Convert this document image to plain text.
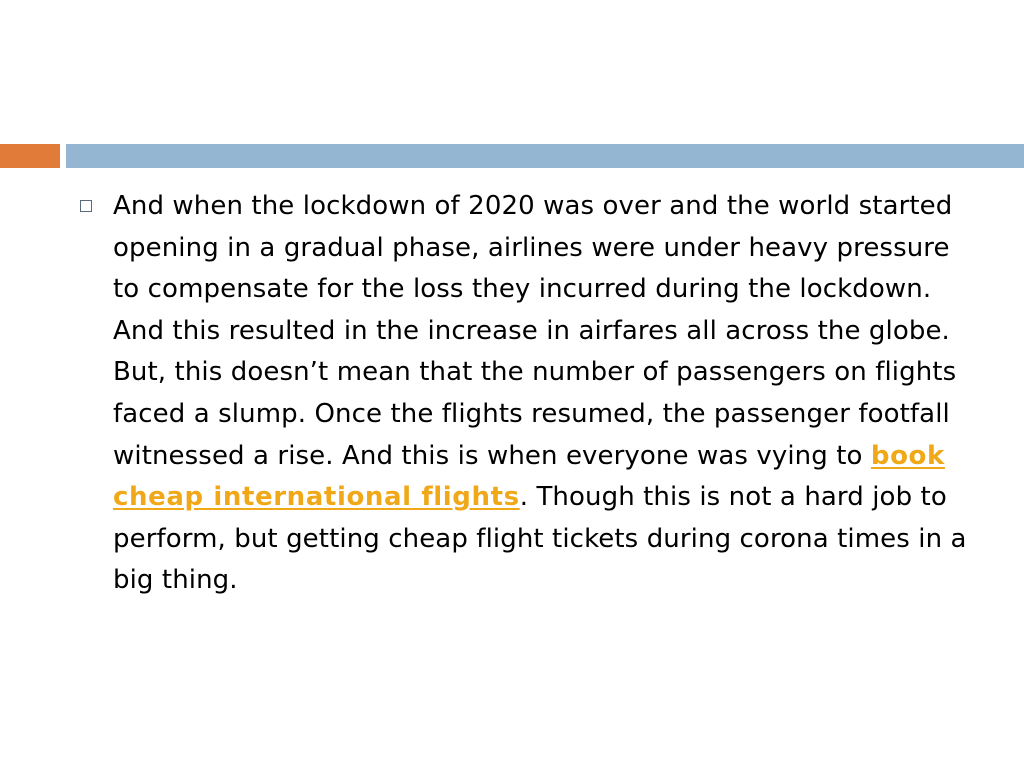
And when the lockdown of 2020 was over and the world started opening in a gradual phase, airlines were under heavy pressure to compensate for the loss they incurred during the lockdown. And this resulted in the increase in airfares all across the globe. But, this doesn’t mean that the number of passengers on flights faced a slump. Once the flights resumed, the passenger footfall witnessed a rise. And this is when everyone was vying to book cheap international flights. Though this is not a hard job to perform, but getting cheap flight tickets during corona times in a big thing.
